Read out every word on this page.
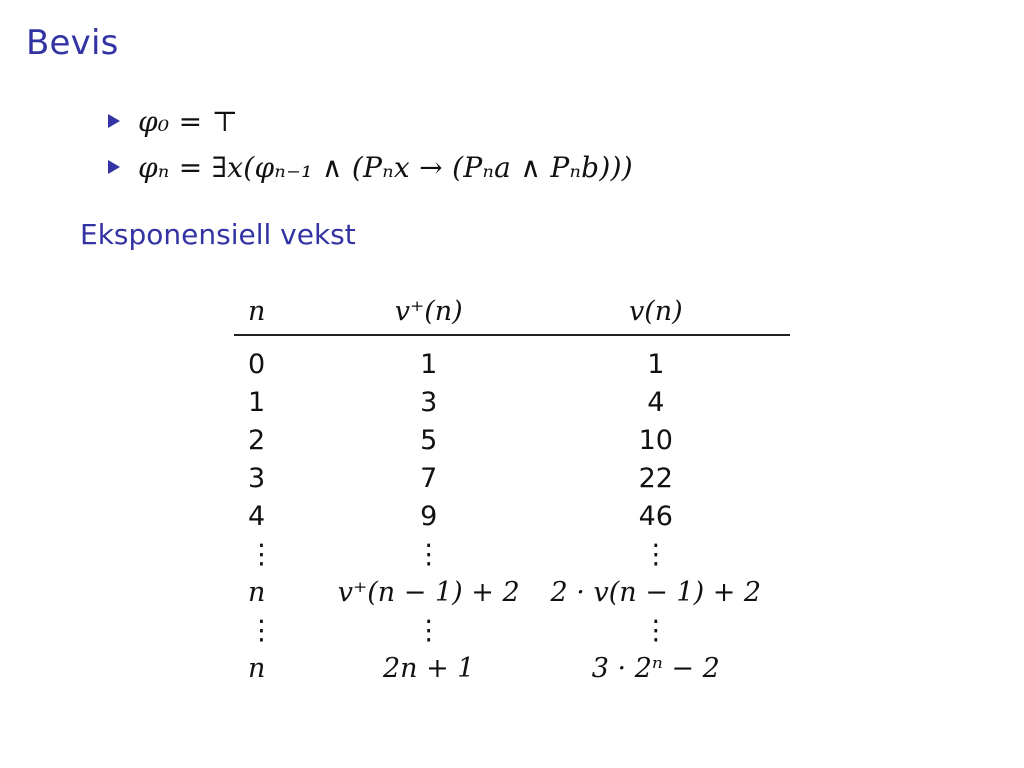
Bevis
φ₀ = ⊤
φₙ = ∃x(φₙ₋₁ ∧ (Pₙx → (Pₙa ∧ Pₙb)))
Eksponensiell vekst
n	v⁺(n)	v(n)
0	1	1
1	3	4
2	5	10
3	7	22
4	9	46
⋮	⋮	⋮
n	v⁺(n − 1) + 2	2 · v(n − 1) + 2
⋮	⋮	⋮
n	2n + 1	3 · 2ⁿ − 2
